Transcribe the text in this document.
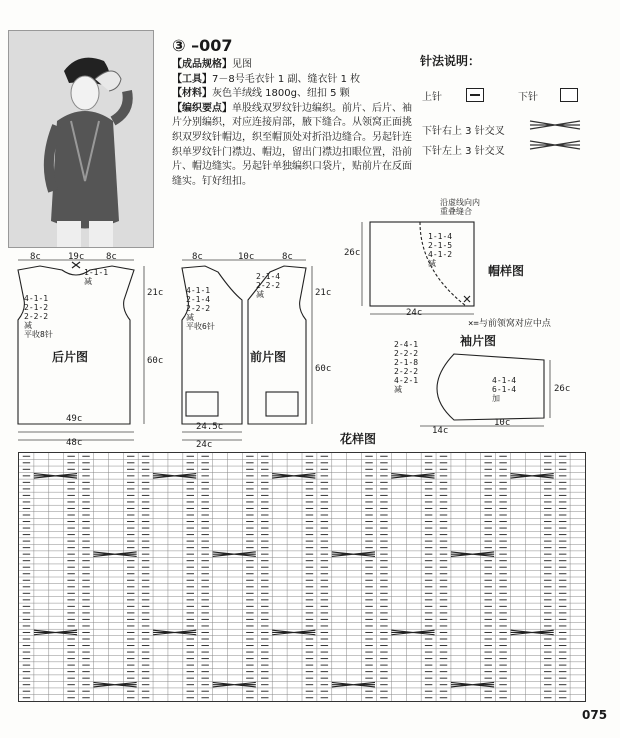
③ –007
【成品规格】见图
【工具】7－8号毛衣针 1 副、缝衣针 1 枚
【材料】灰色羊绒线 1800g、纽扣 5 颗
【编织要点】单股线双罗纹针边编织。前片、后片、袖片分别编织，对应连接肩部，腋下缝合。从领窝正面挑织双罗纹针帽边，织至帽顶处对折沿边缝合。另起针连织单罗纹针门襟边、帽边，留出门襟边扣眼位置，沿前片、帽边缝实。另起针单独编织口袋片，贴前片在反面缝实。钉好纽扣。
针法说明：
上针	下针
下针右上 3 针交叉
下针左上 3 针交叉
8c	19c 8c
1-1-1
减
4-1-1
2-1-2
2-2-2
减
平收8针
21c
60c
后片图
49c
48c
8c	10c	8c
2-1-4
2-2-2
减
4-1-1
2-1-4
2-2-2
减
平收6针
21c
60c
前片图
24.5c
24c
沿虚线向内
重叠缝合
1-1-4
2-1-5
4-1-2
减
26c
帽样图
24c
×=与前领窝对应中点
袖片图
2-4-1
2-2-2
2-1-8
2-2-2
4-2-1
减
4-1-4
6-1-4
加
26c
14c
10c
花样图
075
